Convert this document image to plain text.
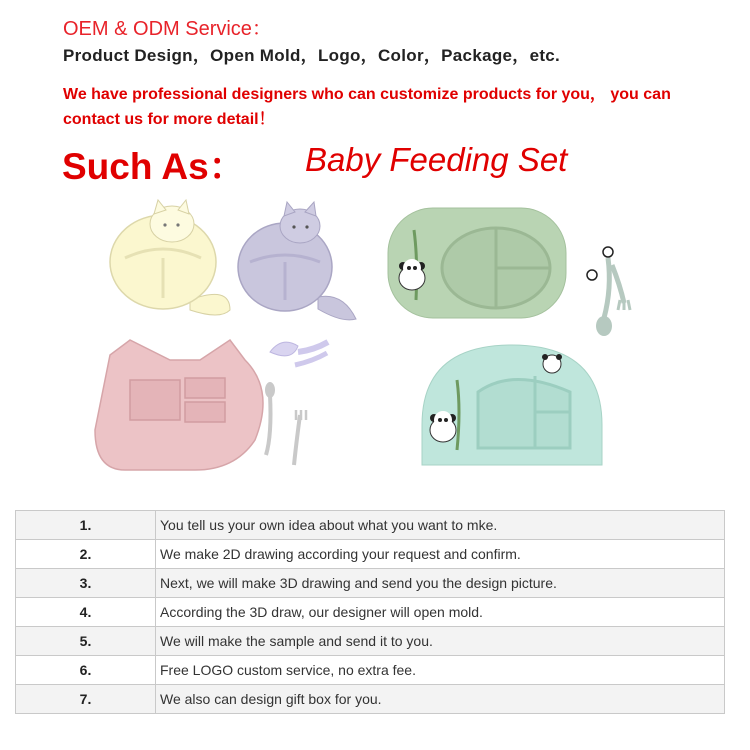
OEM & ODM Service：
Product Design，Open Mold，Logo，Color，Package，etc.
We have professional designers who can customize products for you， you can contact us for more detail！
Such As： Baby Feeding Set
1.	You tell us your own idea about what you want to mke.
2.	We make 2D drawing according your request and confirm.
3.	Next, we will make 3D drawing and send you the design picture.
4.	According the 3D draw, our designer will open mold.
5.	We will make the sample and send it to you.
6.	Free LOGO custom service, no extra fee.
7.	We also can design gift box for you.
